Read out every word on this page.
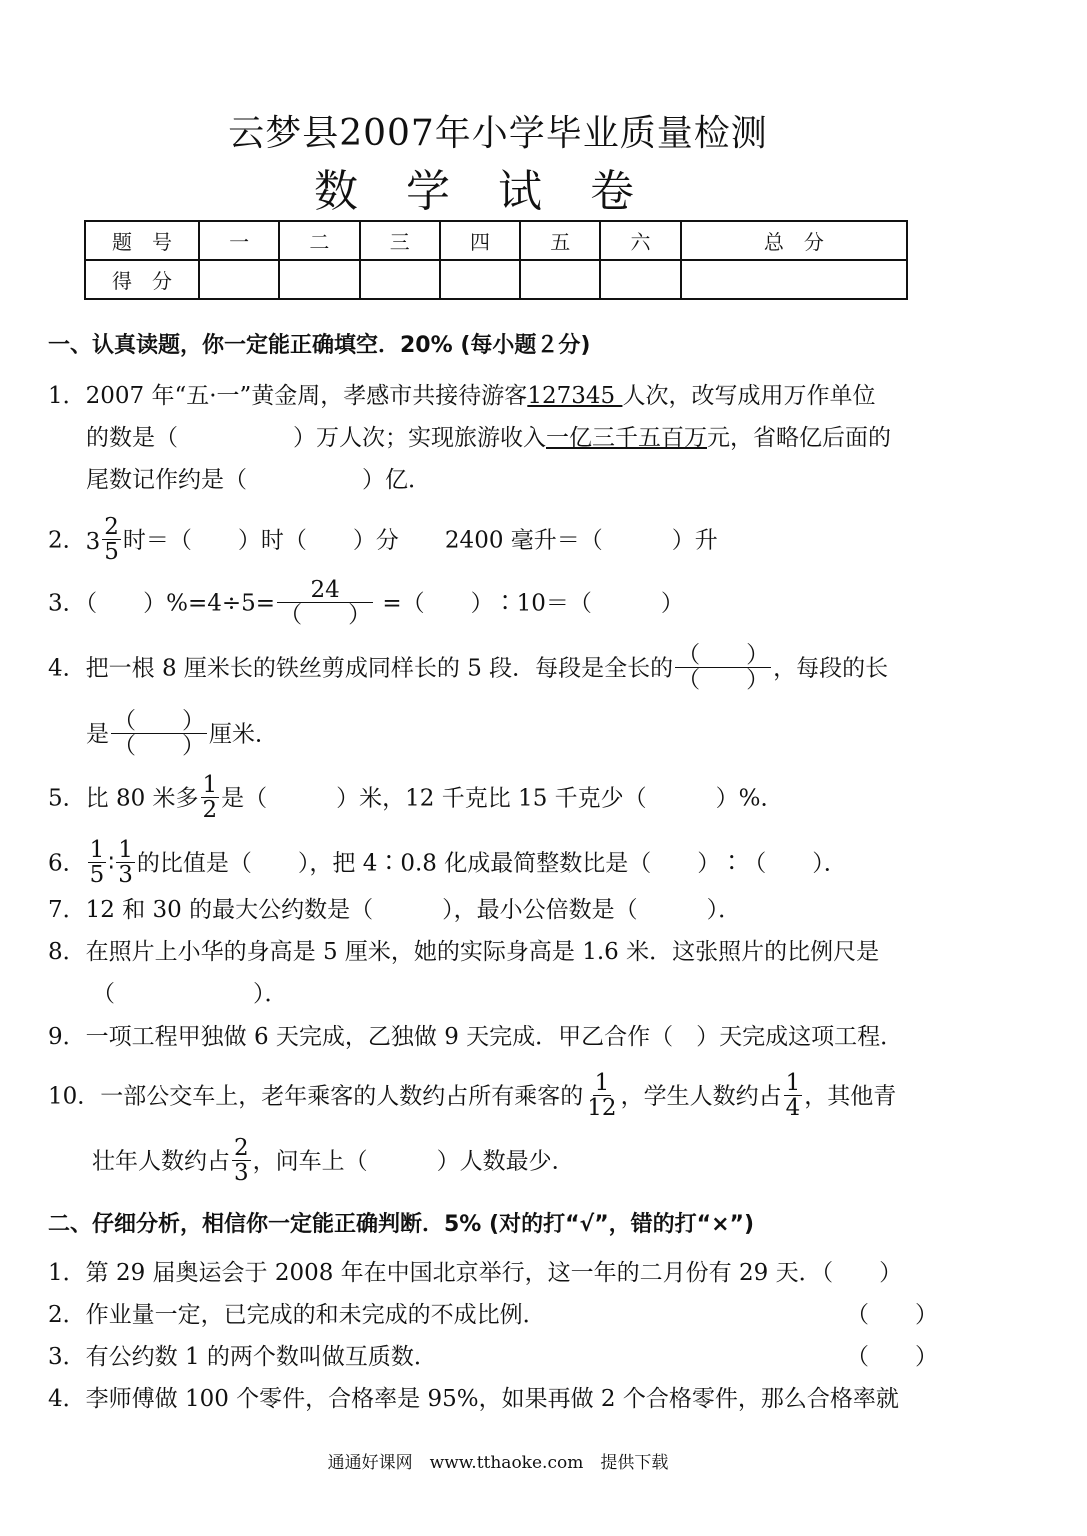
云梦县2007年小学毕业质量检测
数学试卷
题　号	一	二	三	四	五	六	总　分
得　分							
一、认真读题，你一定能正确填空．20% (每小题２分)
1．2007 年“五·一”黄金周，孝感市共接待游客127345 人次，改写成用万作单位
的数是（　　　　　）万人次；实现旅游收入一亿三千五百万元，省略亿后面的
尾数记作约是（　　　　　）亿．
2． $3 \frac{2}{5}$ 时＝（　　）时（　　）分　　2400 毫升＝（　　　）升
3．（　　）$\%=4\div 5= \frac{24}{( )}$ =（　　）∶10＝（　　　）
4．把一根 8 厘米长的铁丝剪成同样长的 5 段．每段是全长的 $\frac{( )}{( )}$ ，每段的长
是 $\frac{( )}{( )}$ 厘米．
5．比 80 米多 $\frac{1}{2}$ 是（　　　）米，12 千克比 15 千克少（　　　）%．
6． $\frac{1}{5}$ ∶ $\frac{1}{3}$ 的比值是（　　），把 4∶0.8 化成最简整数比是（　　）∶（　　）．
7．12 和 30 的最大公约数是（　　　），最小公倍数是（　　　）．
8．在照片上小华的身高是 5 厘米，她的实际身高是 1.6 米．这张照片的比例尺是
（　　　　　　）．
9．一项工程甲独做 6 天完成，乙独做 9 天完成．甲乙合作（　）天完成这项工程．
10．一部公交车上，老年乘客的人数约占所有乘客的 $\frac{1}{12}$ ，学生人数约占 $\frac{1}{4}$ ，其他青
壮年人数约占 $\frac{2}{3}$ ，问车上（　　　）人数最少．
二、仔细分析，相信你一定能正确判断．5% (对的打“√”，错的打“×”)
1．第 29 届奥运会于 2008 年在中国北京举行，这一年的二月份有 29 天．（　　）
2．作业量一定，已完成的和未完成的不成比例．	（　　）
3．有公约数 1 的两个数叫做互质数．	（　　）
4．李师傅做 100 个零件，合格率是 95%，如果再做 2 个合格零件，那么合格率就
通通好课网　www.tthaoke.com　提供下载
